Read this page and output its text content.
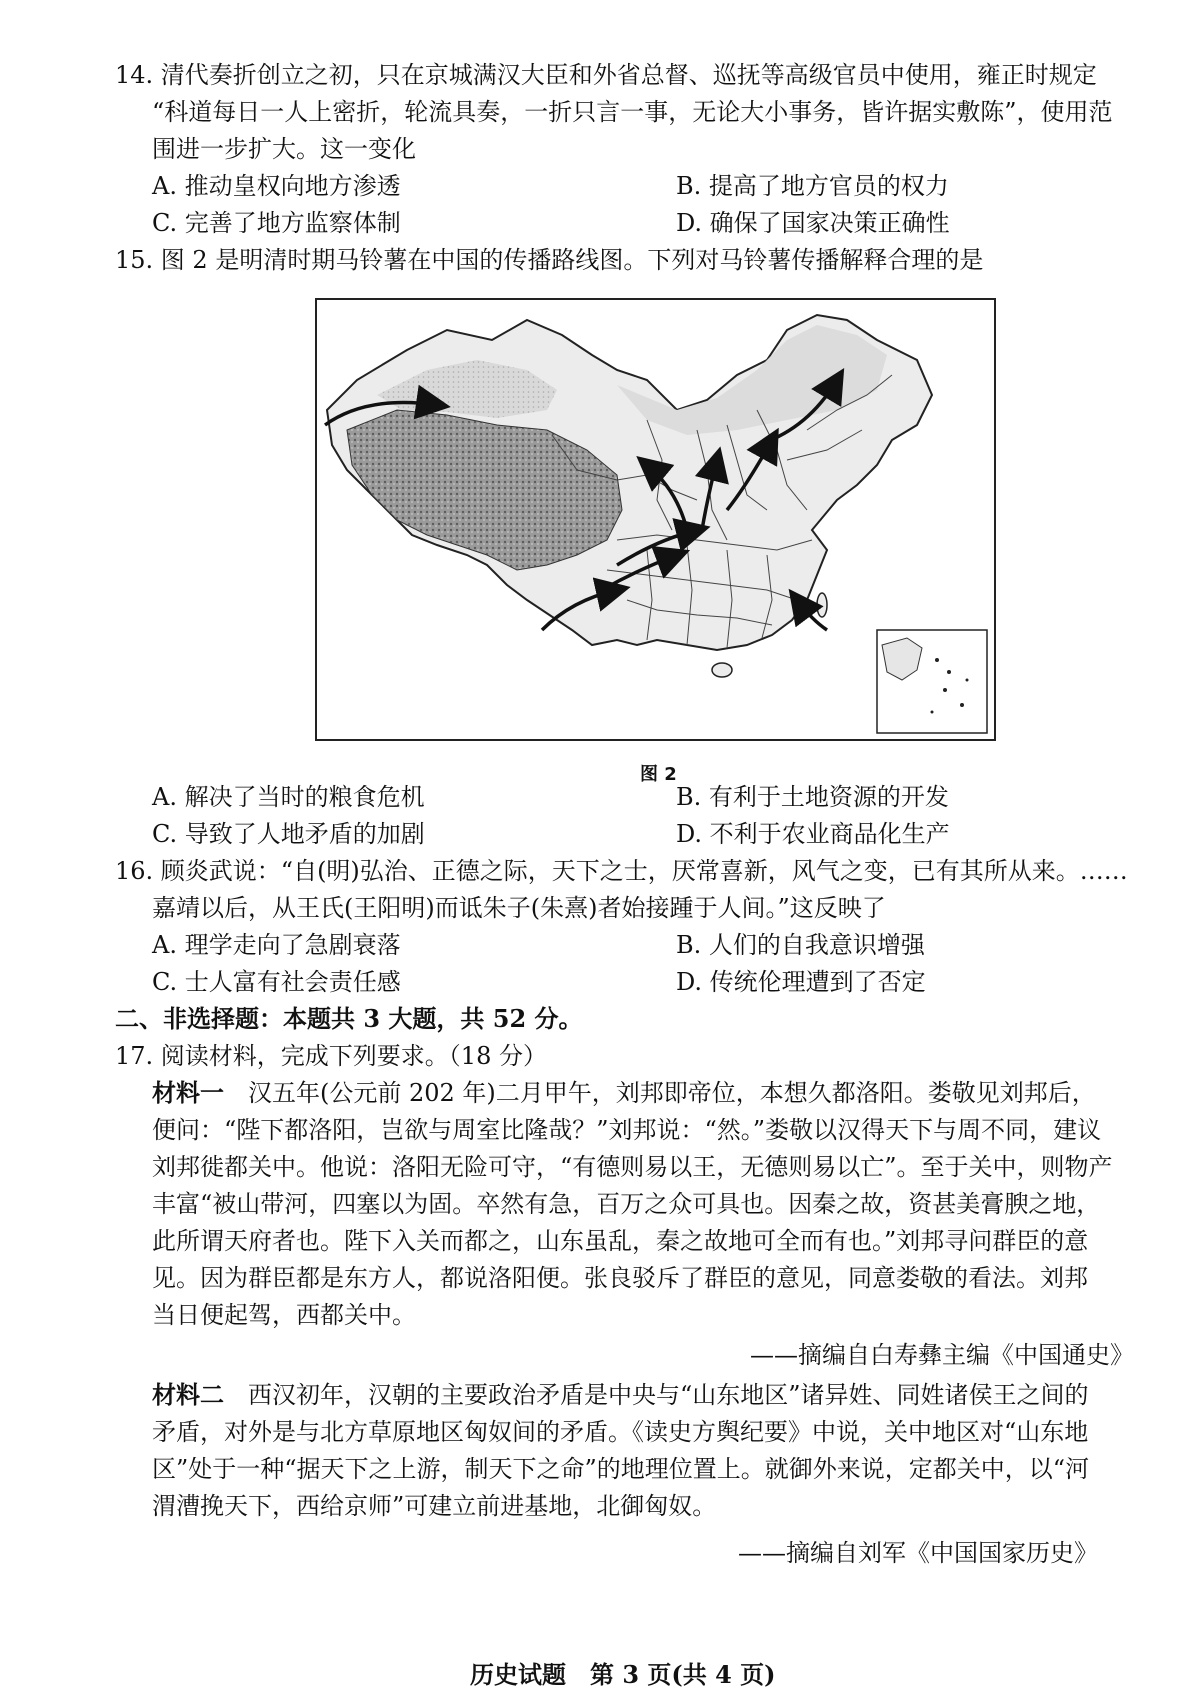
14. 清代奏折创立之初，只在京城满汉大臣和外省总督、巡抚等高级官员中使用，雍正时规定
“科道每日一人上密折，轮流具奏，一折只言一事，无论大小事务，皆许据实敷陈”，使用范
围进一步扩大。这一变化
A. 推动皇权向地方渗透	B. 提高了地方官员的权力
C. 完善了地方监察体制	D. 确保了国家决策正确性
15. 图 2 是明清时期马铃薯在中国的传播路线图。下列对马铃薯传播解释合理的是
图 2
A. 解决了当时的粮食危机	B. 有利于土地资源的开发
C. 导致了人地矛盾的加剧	D. 不利于农业商品化生产
16. 顾炎武说：“自(明)弘治、正德之际，天下之士，厌常喜新，风气之变，已有其所从来。……
嘉靖以后，从王氏(王阳明)而诋朱子(朱熹)者始接踵于人间。”这反映了
A. 理学走向了急剧衰落	B. 人们的自我意识增强
C. 士人富有社会责任感	D. 传统伦理遭到了否定
二、非选择题：本题共 3 大题，共 52 分。
17. 阅读材料，完成下列要求。（18 分）
材料一　 汉五年(公元前 202 年)二月甲午，刘邦即帝位，本想久都洛阳。娄敬见刘邦后，
便问：“陛下都洛阳，岂欲与周室比隆哉？”刘邦说：“然。”娄敬以汉得天下与周不同，建议
刘邦徙都关中。他说：洛阳无险可守，“有德则易以王，无德则易以亡”。至于关中，则物产
丰富“被山带河，四塞以为固。卒然有急，百万之众可具也。因秦之故，资甚美膏腴之地，
此所谓天府者也。陛下入关而都之，山东虽乱，秦之故地可全而有也。”刘邦寻问群臣的意
见。因为群臣都是东方人，都说洛阳便。张良驳斥了群臣的意见，同意娄敬的看法。刘邦
当日便起驾，西都关中。
——摘编自白寿彝主编《中国通史》
材料二　 西汉初年，汉朝的主要政治矛盾是中央与“山东地区”诸异姓、同姓诸侯王之间的
矛盾，对外是与北方草原地区匈奴间的矛盾。《读史方舆纪要》中说，关中地区对“山东地
区”处于一种“据天下之上游，制天下之命”的地理位置上。就御外来说，定都关中，以“河
渭漕挽天下，西给京师”可建立前进基地，北御匈奴。
——摘编自刘军《中国国家历史》
历史试题　第 3 页(共 4 页)
